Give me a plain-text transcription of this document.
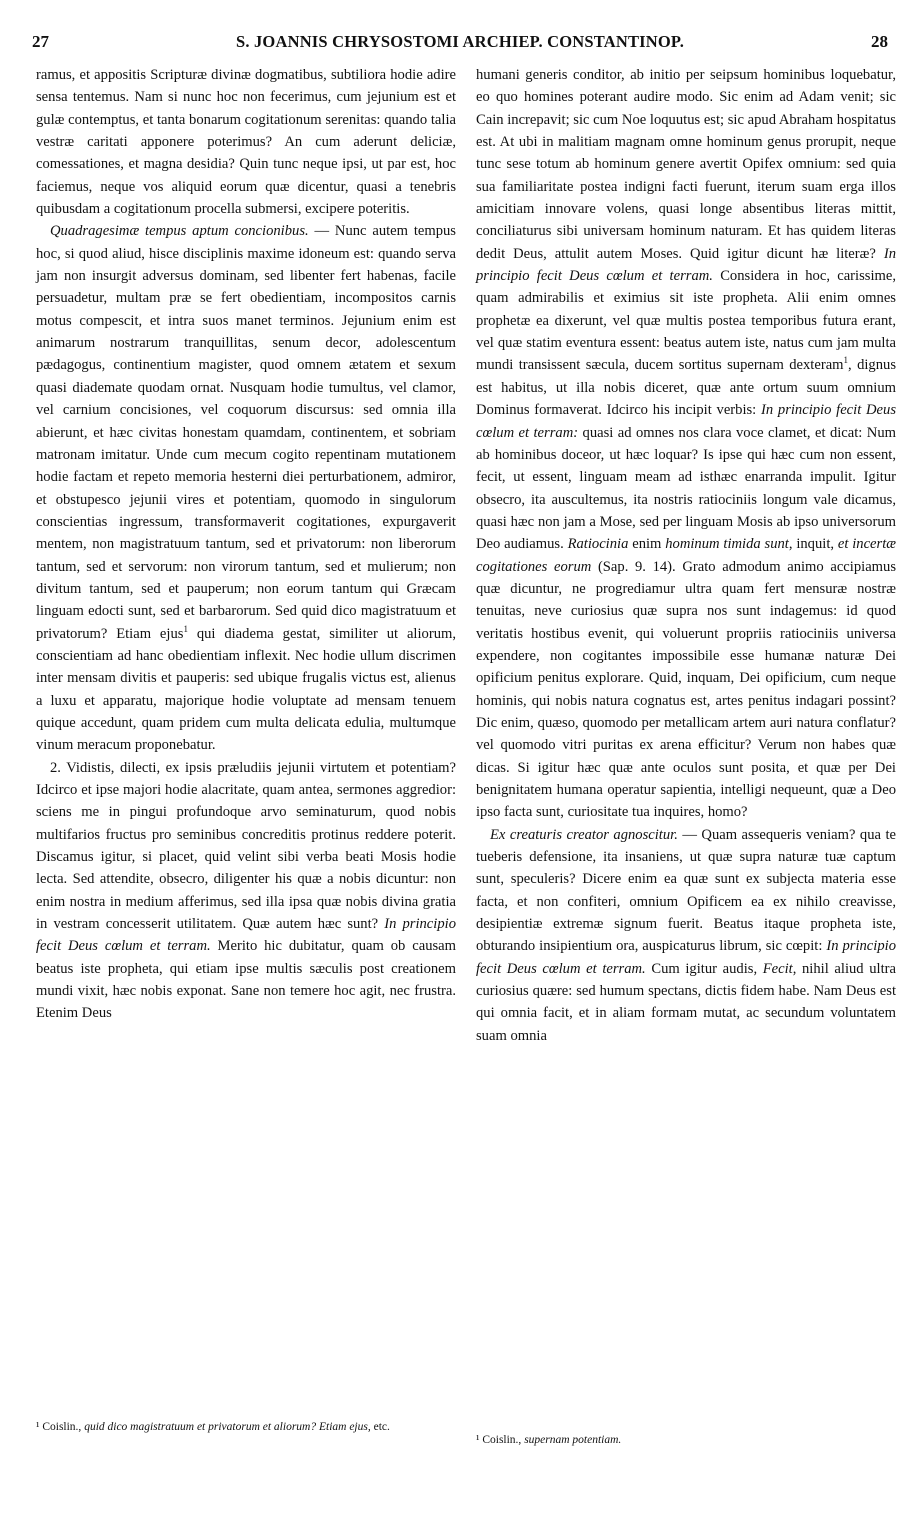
27	S. JOANNIS CHRYSOSTOMI ARCHIEP. CONSTANTINOP.	28

ramus, et appositis Scripturæ divinæ dogmatibus, subtiliora hodie adire sensa tentemus. Nam si nunc hoc non fecerimus, cum jejunium est et gulæ contemptus, et tanta bonarum cogitationum serenitas: quando talia vestræ caritati apponere poterimus? An cum aderunt deliciæ, comessationes, et magna desidia? Quin tunc neque ipsi, ut par est, hoc faciemus, neque vos aliquid eorum quæ dicentur, quasi a tenebris quibusdam a cogitationum procella submersi, excipere poteritis.

Quadragesimæ tempus aptum concionibus. — Nunc autem tempus hoc, si quod aliud, hisce disciplinis maxime idoneum est: quando serva jam non insurgit adversus dominam, sed libenter fert habenas, facile persuadetur, multam præ se fert obedientiam, incompositos carnis motus compescit, et intra suos manet terminos. Jejunium enim est animarum nostrarum tranquillitas, senum decor, adolescentum pædagogus, continentium magister, quod omnem ætatem et sexum quasi diademate quodam ornat. Nusquam hodie tumultus, vel clamor, vel carnium concisiones, vel coquorum discursus: sed omnia illa abierunt, et hæc civitas honestam quamdam, continentem, et sobriam matronam imitatur. Unde cum mecum cogito repentinam mutationem hodie factam et repeto memoria hesterni diei perturbationem, admiror, et obstupesco jejunii vires et potentiam, quomodo in singulorum conscientias ingressum, transformaverit cogitationes, expurgaverit mentem, non magistratuum tantum, sed et privatorum: non liberorum tantum, sed et servorum: non virorum tantum, sed et mulierum; non divitum tantum, sed et pauperum; non eorum tantum qui Græcam linguam edocti sunt, sed et barbarorum. Sed quid dico magistratuum et privatorum? Etiam ejus$^1$ qui diadema gestat, similiter ut aliorum, conscientiam ad hanc obedientiam inflexit. Nec hodie ullum discrimen inter mensam divitis et pauperis: sed ubique frugalis victus est, alienus a luxu et apparatu, majorique hodie voluptate ad mensam tenuem quique accedunt, quam pridem cum multa delicata edulia, multumque vinum meracum proponebatur.

2. Vidistis, dilecti, ex ipsis præludiis jejunii virtutem et potentiam? Idcirco et ipse majori hodie alacritate, quam antea, sermones aggredior: sciens me in pingui profundoque arvo seminaturum, quod nobis multifarios fructus pro seminibus concreditis protinus reddere poterit. Discamus igitur, si placet, quid velint sibi verba beati Mosis hodie lecta. Sed attendite, obsecro, diligenter his quæ a nobis dicuntur: non enim nostra in medium afferimus, sed illa ipsa quæ nobis divina gratia in vestram concesserit utilitatem. Quæ autem hæc sunt? In principio fecit Deus cœlum et terram. Merito hic dubitatur, quam ob causam beatus iste propheta, qui etiam ipse multis sæculis post creationem mundi vixit, hæc nobis exponat. Sane non temere hoc agit, nec frustra. Etenim Deus

¹ Coislin., quid dico magistratuum et privatorum et aliorum? Etiam ejus, etc.

humani generis conditor, ab initio per seipsum hominibus loquebatur, eo quo homines poterant audire modo. Sic enim ad Adam venit; sic Cain increpavit; sic cum Noe loquutus est; sic apud Abraham hospitatus est. At ubi in malitiam magnam omne hominum genus prorupit, neque tunc sese totum ab hominum genere avertit Opifex omnium: sed quia sua familiaritate postea indigni facti fuerunt, iterum suam erga illos amicitiam innovare volens, quasi longe absentibus literas mittit, conciliaturus sibi universam hominum naturam. Et has quidem literas dedit Deus, attulit autem Moses. Quid igitur dicunt hæ literæ? In principio fecit Deus cœlum et terram. Considera in hoc, carissime, quam admirabilis et eximius sit iste propheta. Alii enim omnes prophetæ ea dixerunt, vel quæ multis postea temporibus futura erant, vel quæ statim eventura essent: beatus autem iste, natus cum jam multa mundi transissent sæcula, ducem sortitus supernam dexteram$^1$, dignus est habitus, ut illa nobis diceret, quæ ante ortum suum omnium Dominus formaverat. Idcirco his incipit verbis: In principio fecit Deus cœlum et terram: quasi ad omnes nos clara voce clamet, et dicat: Num ab hominibus doceor, ut hæc loquar? Is ipse qui hæc cum non essent, fecit, ut essent, linguam meam ad isthæc enarranda impulit. Igitur obsecro, ita auscultemus, ita nostris ratiociniis longum vale dicamus, quasi hæc non jam a Mose, sed per linguam Mosis ab ipso universorum Deo audiamus. Ratiocinia enim hominum timida sunt, inquit, et incertæ cogitationes eorum (Sap. 9. 14). Grato admodum animo accipiamus quæ dicuntur, ne progrediamur ultra quam fert mensuræ nostræ tenuitas, neve curiosius quæ supra nos sunt indagemus: id quod veritatis hostibus evenit, qui voluerunt propriis ratiociniis universa expendere, non cogitantes impossibile esse humanæ naturæ Dei opificium penitus explorare. Quid, inquam, Dei opificium, cum neque hominis, qui nobis natura cognatus est, artes penitus indagari possint? Dic enim, quæso, quomodo per metallicam artem auri natura conflatur? vel quomodo vitri puritas ex arena efficitur? Verum non habes quæ dicas. Si igitur hæc quæ ante oculos sunt posita, et quæ per Dei benignitatem humana operatur sapientia, intelligi nequeunt, quæ a Deo ipso facta sunt, curiositate tua inquires, homo?

Ex creaturis creator agnoscitur. — Quam assequeris veniam? qua te tueberis defensione, ita insaniens, ut quæ supra naturæ tuæ captum sunt, speculeris? Dicere enim ea quæ sunt ex subjecta materia esse facta, et non confiteri, omnium Opificem ea ex nihilo creavisse, desipientiæ extremæ signum fuerit. Beatus itaque propheta iste, obturando insipientium ora, auspicaturus librum, sic cœpit: In principio fecit Deus cœlum et terram. Cum igitur audis, Fecit, nihil aliud ultra curiosius quære: sed humum spectans, dictis fidem habe. Nam Deus est qui omnia facit, et in aliam formam mutat, ac secundum voluntatem suam omnia

¹ Coislin., supernam potentiam.
